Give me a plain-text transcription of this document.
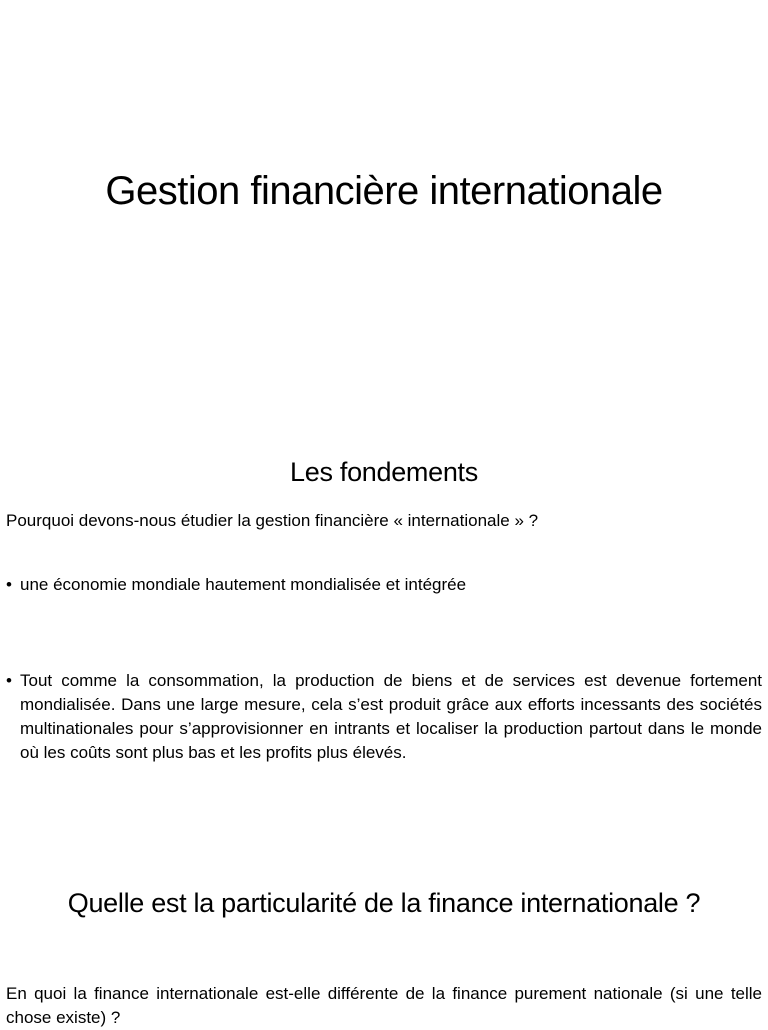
Gestion financière internationale
Les fondements

Pourquoi devons-nous étudier la gestion financière « internationale » ?

• une économie mondiale hautement mondialisée et intégrée
• Tout comme la consommation, la production de biens et de services est devenue fortement mondialisée. Dans une large mesure, cela s’est produit grâce aux efforts incessants des sociétés multinationales pour s’approvisionner en intrants et localiser la production partout dans le monde où les coûts sont plus bas et les profits plus élevés.
Quelle est la particularité de la finance internationale ?

En quoi la finance internationale est-elle différente de la finance purement nationale (si une telle chose existe) ?
